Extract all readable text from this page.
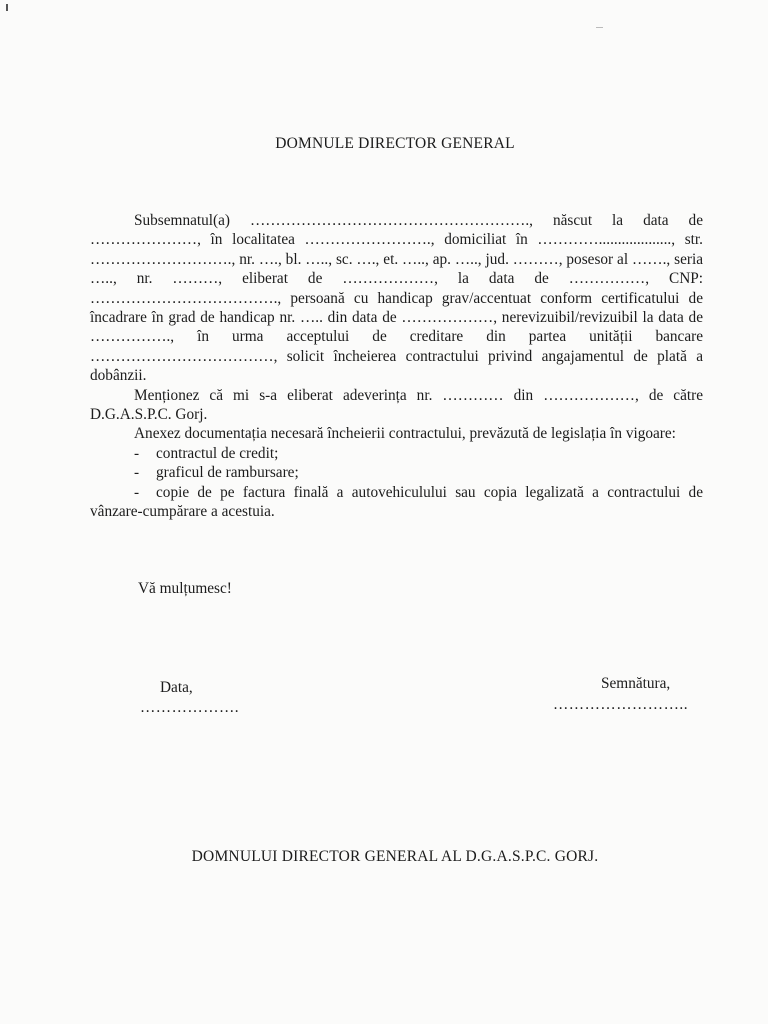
DOMNULE DIRECTOR GENERAL

Subsemnatul(a) ………………………………………………., născut la data de …………………, în localitatea ……………………., domiciliat în …………..................., str. ………………………., nr. …., bl. ….., sc. …., et. ….., ap. ….., jud. ………, posesor al ……., seria ….., nr. ………, eliberat de ………………, la data de ……………, CNP: ………………………………., persoană cu handicap grav/accentuat conform certificatului de încadrare în grad de handicap nr. ….. din data de ………………, nerevizuibil/revizuibil la data de ……………., în urma acceptului de creditare din partea unității bancare ………………………………, solicit încheierea contractului privind angajamentul de plată a dobânzii.

Menționez că mi s-a eliberat adeverința nr. ………… din ………………, de către D.G.A.S.P.C. Gorj.

Anexez documentația necesară încheierii contractului, prevăzută de legislația în vigoare:

- contractul de credit;
- graficul de rambursare;

- copie de pe factura finală a autovehiculului sau copia legalizată a contractului de vânzare-cumpărare a acestuia.

Vă mulțumesc!
Data,
……………….
Semnătura,
……………………..
DOMNULUI DIRECTOR GENERAL AL D.G.A.S.P.C. GORJ.
